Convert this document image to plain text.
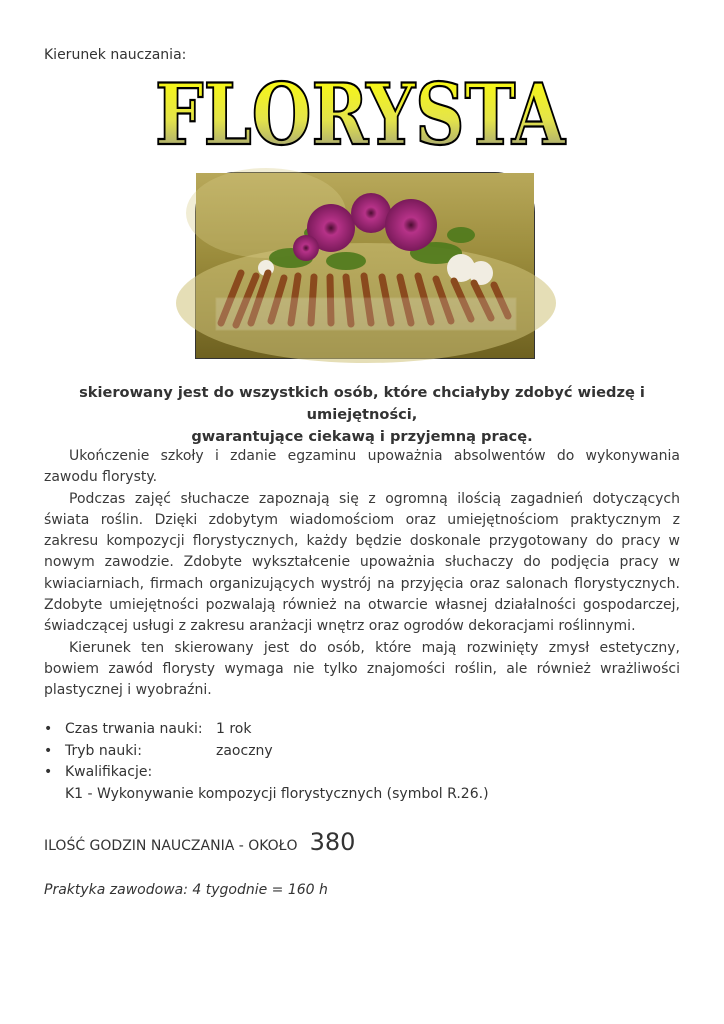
Kierunek nauczania:
FLORYSTA
skierowany jest do wszystkich osób, które chciałyby zdobyć wiedzę i umiejętności,
gwarantujące ciekawą i przyjemną pracę.

Ukończenie szkoły i zdanie egzaminu upoważnia absolwentów do wykonywania zawodu florysty.

Podczas zajęć słuchacze zapoznają się z ogromną ilością zagadnień dotyczących świata roślin. Dzięki zdobytym wiadomościom oraz umiejętnościom praktycznym z zakresu kompozycji florystycznych, każdy będzie doskonale przygotowany do pracy w nowym zawodzie. Zdobyte wykształcenie upoważnia słuchaczy do podjęcia pracy w kwiaciarniach, firmach organizujących wystrój na przyjęcia oraz salonach florystycznych. Zdobyte umiejętności pozwalają również na otwarcie własnej działalności gospodarczej, świadczącej usługi z zakresu aranżacji wnętrz oraz ogrodów dekoracjami roślinnymi.

Kierunek ten skierowany jest do osób, które mają rozwinięty zmysł estetyczny, bowiem zawód florysty wymaga nie tylko znajomości roślin, ale również wrażliwości plastycznej i wyobraźni.

• Czas trwania nauki: 1 rok
• Tryb nauki:	zaoczny
• Kwalifikacje:
K1 - Wykonywanie kompozycji florystycznych (symbol R.26.)
ILOŚĆ GODZIN NAUCZANIA - OKOŁO 380
Praktyka zawodowa: 4 tygodnie = 160 h
